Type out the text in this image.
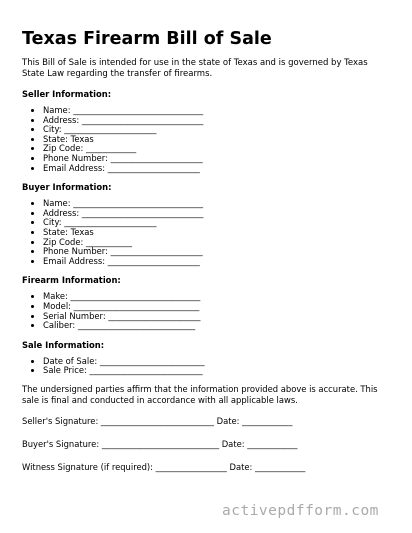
Texas Firearm Bill of Sale

This Bill of Sale is intended for use in the state of Texas and is governed by Texas State Law regarding the transfer of firearms.

Seller Information:

• Name: _______________________________
• Address: _____________________________
• City: ______________________
• State: Texas
• Zip Code: ____________
• Phone Number: ______________________
• Email Address: ______________________

Buyer Information:

• Name: _______________________________
• Address: _____________________________
• City: ______________________
• State: Texas
• Zip Code: ___________
• Phone Number: ______________________
• Email Address: ______________________

Firearm Information:

• Make: _______________________________
• Model: ______________________________
• Serial Number: ______________________
• Caliber: ____________________________

Sale Information:

• Date of Sale: _________________________
• Sale Price: ___________________________

The undersigned parties affirm that the information provided above is accurate. This sale is final and conducted in accordance with all applicable laws.

Seller's Signature: ___________________________ Date: ____________

Buyer's Signature: ____________________________ Date: ____________

Witness Signature (if required): _________________ Date: ____________

activepdfform.com
